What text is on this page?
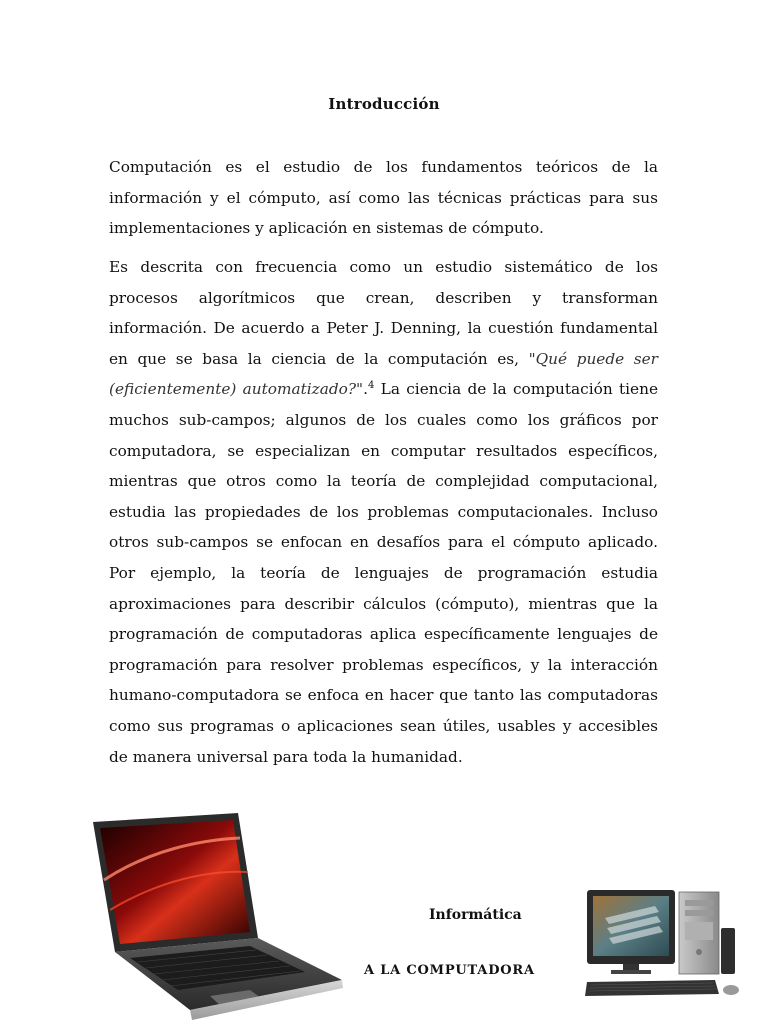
Introducción

Computación es el estudio de los fundamentos teóricos de la información y el cómputo, así como las técnicas prácticas para sus implementaciones y aplicación en sistemas de cómputo.

Es descrita con frecuencia como un estudio sistemático de los procesos algorítmicos que crean, describen y transforman información. De acuerdo a Peter J. Denning, la cuestión fundamental en que se basa la ciencia de la computación es, "Qué puede ser (eficientemente) automatizado?".$^4$ La ciencia de la computación tiene muchos sub-campos; algunos de los cuales como los gráficos por computadora, se especializan en computar resultados específicos, mientras que otros como la teoría de complejidad computacional, estudia las propiedades de los problemas computacionales. Incluso otros sub-campos se enfocan en desafíos para el cómputo aplicado. Por ejemplo, la teoría de lenguajes de programación estudia aproximaciones para describir cálculos (cómputo), mientras que la programación de computadoras aplica específicamente lenguajes de programación para resolver problemas específicos, y la interacción humano-computadora se enfoca en hacer que tanto las computadoras como sus programas o aplicaciones sean útiles, usables y accesibles de manera universal para toda la humanidad.

Informática
A LA COMPUTADORA
